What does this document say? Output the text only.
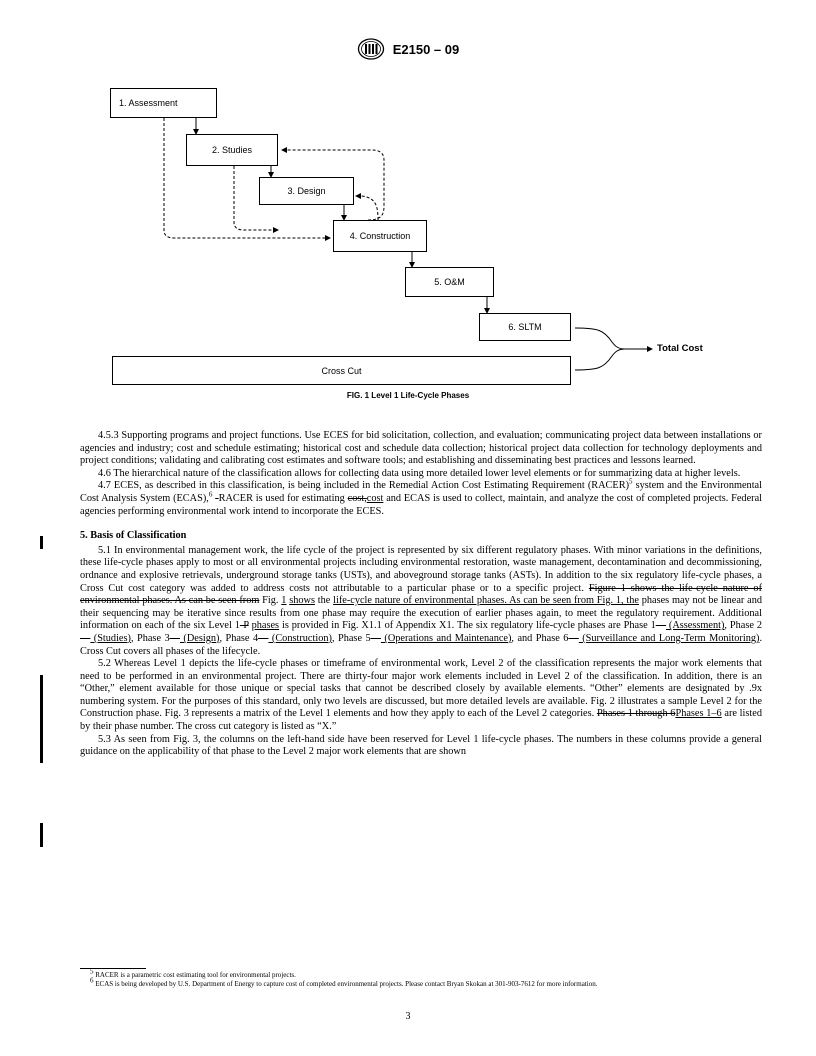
E2150 – 09
1. Assessment
2. Studies
3. Design
4. Construction
5. O&M
6. SLTM
Cross Cut
Total Cost
FIG. 1 Level 1 Life-Cycle Phases

4.5.3 Supporting programs and project functions. Use ECES for bid solicitation, collection, and evaluation; communicating project data between installations or agencies and industry; cost and schedule estimating; historical cost and schedule data collection; historical project data collection for technology deployments and project conditions; validating and calibrating cost estimates and software tools; and establishing and disseminating best practices and lessons learned.

4.6 The hierarchical nature of the classification allows for collecting data using more detailed lower level elements or for summarizing data at higher levels.

4.7 ECES, as described in this classification, is being included in the Remedial Action Cost Estimating Requirement (RACER)$^5$ system and the Environmental Cost Analysis System (ECAS),$^6$ -RACER is used for estimating cost,cost and ECAS is used to collect, maintain, and analyze the cost of completed projects. Federal agencies performing environmental work intend to incorporate the ECES.

5. Basis of Classification

5.1 In environmental management work, the life cycle of the project is represented by six different regulatory phases. With minor variations in the definitions, these life-cycle phases apply to most or all environmental projects including environmental restoration, waste management, decontamination and decommissioning, ordnance and explosive retrievals, underground storage tanks (USTs), and aboveground storage tanks (ASTs). In addition to the six regulatory life-cycle phases, a Cross Cut cost category was added to address costs not attributable to a particular phase or to a specific project. Figure 1 shows the life-cycle nature of environmental phases. As can be seen from Fig. 1 shows the life-cycle nature of environmental phases. As can be seen from Fig. 1, the phases may not be linear and their sequencing may be iterative since results from one phase may require the execution of earlier phases again, to meet the regulatory requirement. Additional information on each of the six Level 1-P phases is provided in Fig. X1.1 of Appendix X1. The six regulatory life-cycle phases are Phase 1— (Assessment), Phase 2— (Studies), Phase 3— (Design), Phase 4— (Construction), Phase 5— (Operations and Maintenance), and Phase 6— (Surveillance and Long-Term Monitoring). Cross Cut covers all phases of the lifecycle.

5.2 Whereas Level 1 depicts the life-cycle phases or timeframe of environmental work, Level 2 of the classification represents the major work elements that need to be performed in an environmental project. There are thirty-four major work elements included in Level 2 of the classification. In addition, there is an “Other,” element available for those unique or special tasks that cannot be described closely by available elements. “Other” elements are designated by .9x numbering system. For the purposes of this standard, only two levels are discussed, but more detailed levels are available. Fig. 2 illustrates a sample Level 2 for the Construction phase. Fig. 3 represents a matrix of the Level 1 elements and how they apply to each of the Level 2 categories. Phases 1 through 6Phases 1–6 are listed by their phase number. The cross cut category is listed as “X.”

5.3 As seen from Fig. 3, the columns on the left-hand side have been reserved for Level 1 life-cycle phases. The numbers in these columns provide a general guidance on the applicability of that phase to the Level 2 major work elements that are shown

$^5$ RACER is a parametric cost estimating tool for environmental projects.

$^6$ ECAS is being developed by U.S. Department of Energy to capture cost of completed environmental projects. Please contact Bryan Skokan at 301-903-7612 for more information.

3
